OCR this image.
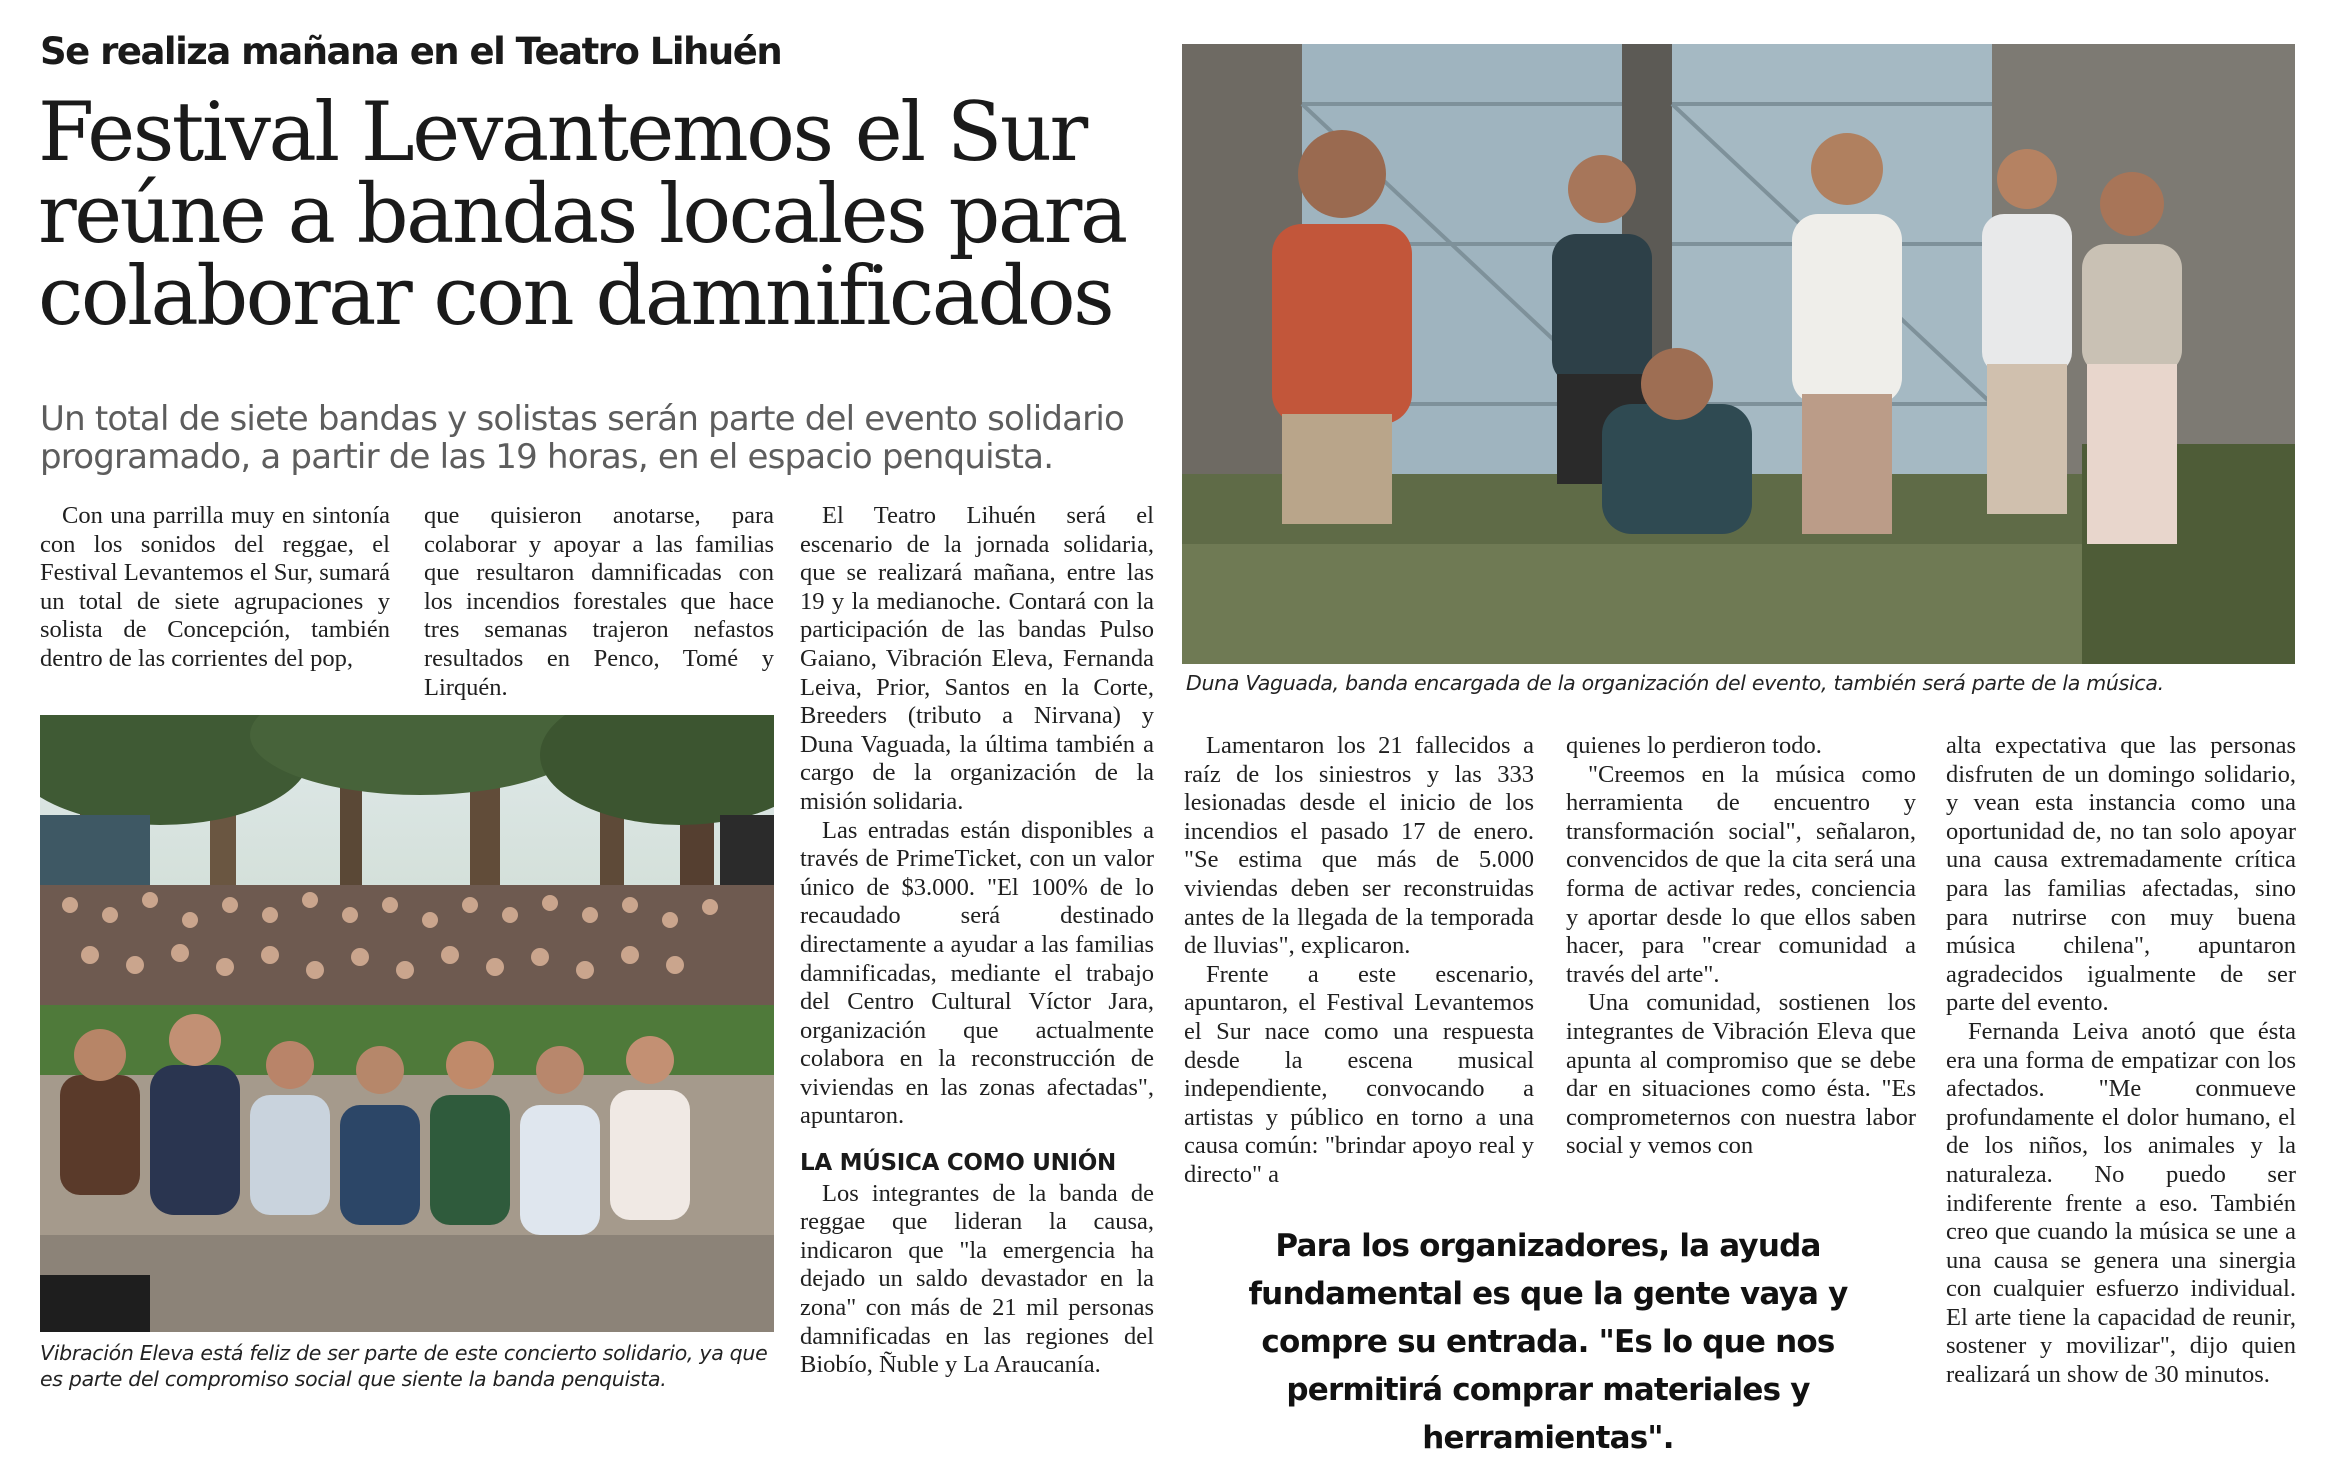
Se realiza mañana en el Teatro Lihuén
Festival Levantemos el Sur reúne a bandas locales para colaborar con damnificados
Un total de siete bandas y solistas serán parte del evento solidario programado, a partir de las 19 horas, en el espacio penquista.

Con una parrilla muy en sintonía con los sonidos del reggae, el Festival Levantemos el Sur, sumará un total de siete agrupaciones y solista de Concepción, también dentro de las corrientes del pop,

que quisieron anotarse, para colaborar y apoyar a las familias que resultaron damnificadas con los incendios forestales que hace tres semanas trajeron nefastos resultados en Penco, Tomé y Lirquén.

Vibración Eleva está feliz de ser parte de este concierto solidario, ya que es parte del compromiso social que siente la banda penquista.

El Teatro Lihuén será el escenario de la jornada solidaria, que se realizará mañana, entre las 19 y la medianoche. Contará con la participación de las bandas Pulso Gaiano, Vibración Eleva, Fernanda Leiva, Prior, Santos en la Corte, Breeders (tributo a Nirvana) y Duna Vaguada, la última también a cargo de la organización de la misión solidaria.

Las entradas están disponibles a través de PrimeTicket, con un valor único de $3.000. "El 100% de lo recaudado será destinado directamente a ayudar a las familias damnificadas, mediante el trabajo del Centro Cultural Víctor Jara, organización que actualmente colabora en la reconstrucción de viviendas en las zonas afectadas", apuntaron.

LA MÚSICA COMO UNIÓN

Los integrantes de la banda de reggae que lideran la causa, indicaron que "la emergencia ha dejado un saldo devastador en la zona" con más de 21 mil personas damnificadas en las regiones del Biobío, Ñuble y La Araucanía.

Duna Vaguada, banda encargada de la organización del evento, también será parte de la música.

Lamentaron los 21 fallecidos a raíz de los siniestros y las 333 lesionadas desde el inicio de los incendios el pasado 17 de enero. "Se estima que más de 5.000 viviendas deben ser reconstruidas antes de la llegada de la temporada de lluvias", explicaron.

Frente a este escenario, apuntaron, el Festival Levantemos el Sur nace como una respuesta desde la escena musical independiente, convocando a artistas y público en torno a una causa común: "brindar apoyo real y directo" a

quienes lo perdieron todo.

"Creemos en la música como herramienta de encuentro y transformación social", señalaron, convencidos de que la cita será una forma de activar redes, conciencia y aportar desde lo que ellos saben hacer, para "crear comunidad a través del arte".

Una comunidad, sostienen los integrantes de Vibración Eleva que apunta al compromiso que se debe dar en situaciones como ésta. "Es comprometernos con nuestra labor social y vemos con

alta expectativa que las personas disfruten de un domingo solidario, y vean esta instancia como una oportunidad de, no tan solo apoyar una causa extremadamente crítica para las familias afectadas, sino para nutrirse con muy buena música chilena", apuntaron agradecidos igualmente de ser parte del evento.

Fernanda Leiva anotó que ésta era una forma de empatizar con los afectados. "Me conmueve profundamente el dolor humano, el de los niños, los animales y la naturaleza. No puedo ser indiferente frente a eso. También creo que cuando la música se une a una causa se genera una sinergia con cualquier esfuerzo individual. El arte tiene la capacidad de reunir, sostener y movilizar", dijo quien realizará un show de 30 minutos.

Para los organizadores, la ayuda fundamental es que la gente vaya y compre su entrada. "Es lo que nos permitirá comprar materiales y herramientas".
